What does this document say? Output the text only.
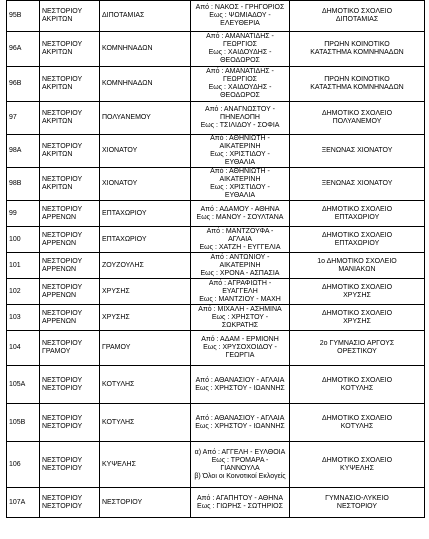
95B	ΝΕΣΤΟΡΙΟΥ
ΑΚΡΙΤΩΝ	ΔΙΠΟΤΑΜΙΑΣ	Από : ΝΑΚΟΣ - ΓΡΗΓΟΡΙΟΣ
Εως : ΨΩΜΙΑΔΟΥ -
ΕΛΕΥΘΕΡΙΑ	ΔΗΜΟΤΙΚΟ ΣΧΟΛΕΙΟ
ΔΙΠΟΤΑΜΙΑΣ

96A	ΝΕΣΤΟΡΙΟΥ
ΑΚΡΙΤΩΝ	ΚΟΜΝΗΝΑΔΩΝ	Από : ΑΜΑΝΑΤΙΔΗΣ -
ΓΕΩΡΓΙΟΣ
Εως : ΧΑΙΔΟΥΔΗΣ -
ΘΕΟΔΩΡΟΣ	ΠΡΩΗΝ ΚΟΙΝΟΤΙΚΟ
ΚΑΤΑΣΤΗΜΑ ΚΟΜΝΗΝΑΔΩΝ

96B	ΝΕΣΤΟΡΙΟΥ
ΑΚΡΙΤΩΝ	ΚΟΜΝΗΝΑΔΩΝ	Από : ΑΜΑΝΑΤΙΔΗΣ -
ΓΕΩΡΓΙΟΣ
Εως : ΧΑΙΔΟΥΔΗΣ -
ΘΕΟΔΩΡΟΣ	ΠΡΩΗΝ ΚΟΙΝΟΤΙΚΟ
ΚΑΤΑΣΤΗΜΑ ΚΟΜΝΗΝΑΔΩΝ

97	ΝΕΣΤΟΡΙΟΥ
ΑΚΡΙΤΩΝ	ΠΟΛΥΑΝΕΜΟΥ	Από : ΑΝΑΓΝΩΣΤΟΥ -
ΠΗΝΕΛΟΠΗ
Εως : ΤΣΙΛΙΔΟΥ - ΣΟΦΙΑ	ΔΗΜΟΤΙΚΟ ΣΧΟΛΕΙΟ
ΠΟΛΥΑΝΕΜΟΥ

98A	ΝΕΣΤΟΡΙΟΥ
ΑΚΡΙΤΩΝ	ΧΙΟΝΑΤΟΥ	Από : ΑΘΗΝΙΩΤΗ -
ΑΙΚΑΤΕΡΙΝΗ
Εως : ΧΡΙΣΤΙΔΟΥ -
ΕΥΘΑΛΙΑ	ΞΕΝΩΝΑΣ ΧΙΟΝΑΤΟΥ

98B	ΝΕΣΤΟΡΙΟΥ
ΑΚΡΙΤΩΝ	ΧΙΟΝΑΤΟΥ	Από : ΑΘΗΝΙΩΤΗ -
ΑΙΚΑΤΕΡΙΝΗ
Εως : ΧΡΙΣΤΙΔΟΥ -
ΕΥΘΑΛΙΑ	ΞΕΝΩΝΑΣ ΧΙΟΝΑΤΟΥ

99	ΝΕΣΤΟΡΙΟΥ
ΑΡΡΕΝΩΝ	ΕΠΤΑΧΩΡΙΟΥ	Από : ΑΔΑΜΟΥ - ΑΘΗΝΑ
Εως : ΜΑΝΟΥ - ΣΟΥΛΤΑΝΑ	ΔΗΜΟΤΙΚΟ ΣΧΟΛΕΙΟ
ΕΠΤΑΧΩΡΙΟΥ

100	ΝΕΣΤΟΡΙΟΥ
ΑΡΡΕΝΩΝ	ΕΠΤΑΧΩΡΙΟΥ	Από : ΜΑΝΤΖΟΥΦΑ -
ΑΓΛΑΙΑ
Εως : ΧΑΤΖΗ - ΕΥΓΓΕΛΙΑ	ΔΗΜΟΤΙΚΟ ΣΧΟΛΕΙΟ
ΕΠΤΑΧΩΡΙΟΥ

101	ΝΕΣΤΟΡΙΟΥ
ΑΡΡΕΝΩΝ	ΖΟΥΖΟΥΛΗΣ	Από : ΑΝΤΩΝΙΟΥ -
ΑΙΚΑΤΕΡΙΝΗ
Εως : ΧΡΟΝΑ - ΑΣΠΑΣΙΑ	1ο ΔΗΜΟΤΙΚΟ ΣΧΟΛΕΙΟ
ΜΑΝΙΑΚΩΝ

102	ΝΕΣΤΟΡΙΟΥ
ΑΡΡΕΝΩΝ	ΧΡΥΣΗΣ	Από : ΑΓΡΑΦΙΩΤΗ -
ΕΥΑΓΓΕΛΗ
Εως : ΜΑΝΤΖΙΟΥ - ΜΑΧΗ	ΔΗΜΟΤΙΚΟ ΣΧΟΛΕΙΟ
ΧΡΥΣΗΣ

103	ΝΕΣΤΟΡΙΟΥ
ΑΡΡΕΝΩΝ	ΧΡΥΣΗΣ	Από : ΜΙΧΑΛΗ - ΑΣΗΜΙΝΑ
Εως : ΧΡΗΣΤΟΥ -
ΣΩΚΡΑΤΗΣ	ΔΗΜΟΤΙΚΟ ΣΧΟΛΕΙΟ
ΧΡΥΣΗΣ

104	ΝΕΣΤΟΡΙΟΥ
ΓΡΑΜΟΥ	ΓΡΑΜΟΥ	Από : ΑΔΑΜ - ΕΡΜΙΟΝΗ
Εως : ΧΡΥΣΟΧΟΙΔΟΥ -
ΓΕΩΡΓΙΑ	2ο ΓΥΜΝΑΣΙΟ ΑΡΓΟΥΣ
ΟΡΕΣΤΙΚΟΥ

105A	ΝΕΣΤΟΡΙΟΥ
ΝΕΣΤΟΡΙΟΥ	ΚΟΤΥΛΗΣ	Από : ΑΘΑΝΑΣΙΟΥ - ΑΓΛΑΙΑ
Εως : ΧΡΗΣΤΟΥ - ΙΩΑΝΝΗΣ	ΔΗΜΟΤΙΚΟ ΣΧΟΛΕΙΟ
ΚΟΤΥΛΗΣ

105B	ΝΕΣΤΟΡΙΟΥ
ΝΕΣΤΟΡΙΟΥ	ΚΟΤΥΛΗΣ	Από : ΑΘΑΝΑΣΙΟΥ - ΑΓΛΑΙΑ
Εως : ΧΡΗΣΤΟΥ - ΙΩΑΝΝΗΣ	ΔΗΜΟΤΙΚΟ ΣΧΟΛΕΙΟ
ΚΟΤΥΛΗΣ

106	ΝΕΣΤΟΡΙΟΥ
ΝΕΣΤΟΡΙΟΥ	ΚΥΨΕΛΗΣ	α) Από : ΑΓΓΕΛΗ - ΕΥΛΘΟΙΑ
Εως : ΤΡΟΜΑΡΑ -
ΓΙΑΝΝΟΥΛΑ
β) Όλοι οι Κοινοτικοί Εκλογείς	ΔΗΜΟΤΙΚΟ ΣΧΟΛΕΙΟ
ΚΥΨΕΛΗΣ

107A	ΝΕΣΤΟΡΙΟΥ
ΝΕΣΤΟΡΙΟΥ	ΝΕΣΤΟΡΙΟΥ	Από : ΑΓΑΠΗΤΟΥ - ΑΘΗΝΑ
Εως : ΓΙΩΡΗΣ - ΣΩΤΗΡΙΟΣ	ΓΥΜΝΑΣΙΟ-ΛΥΚΕΙΟ
ΝΕΣΤΟΡΙΟΥ
